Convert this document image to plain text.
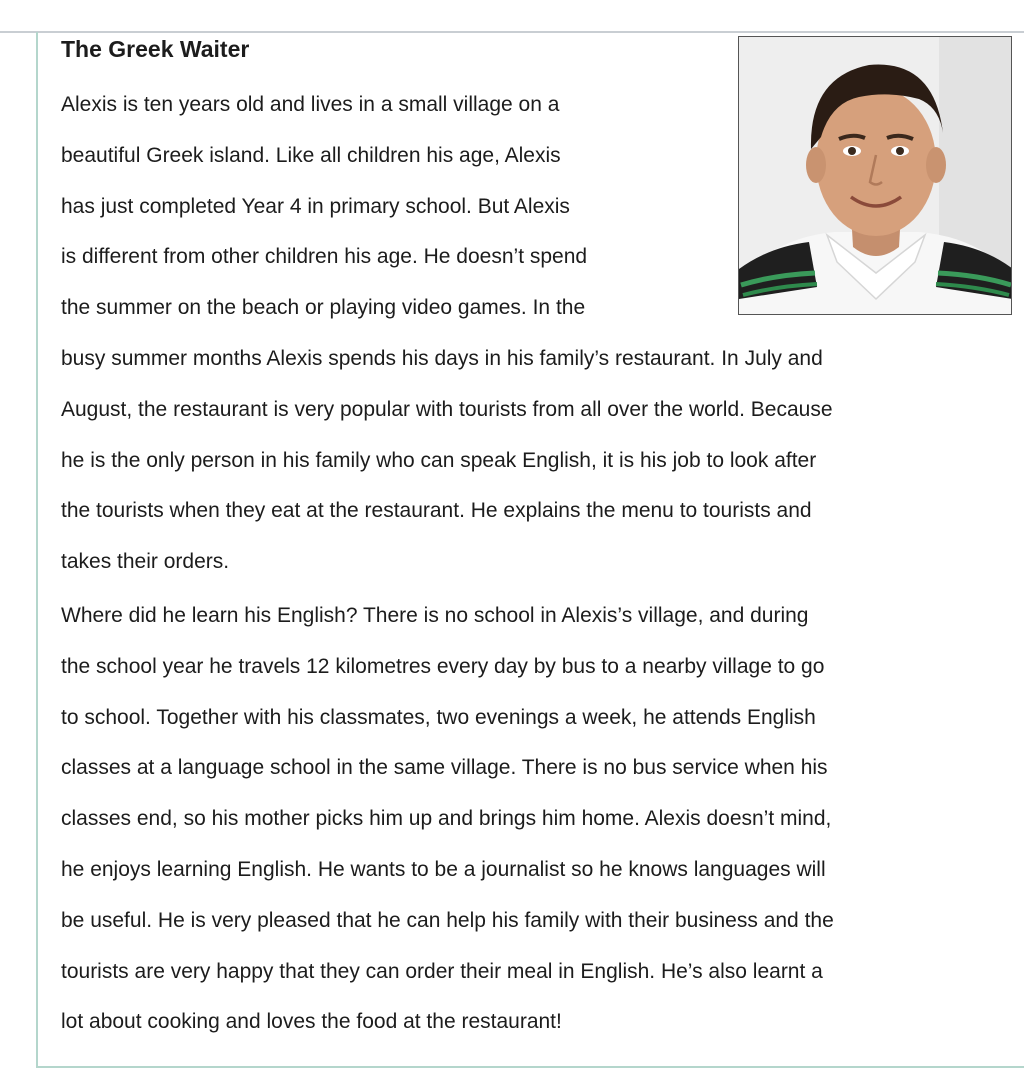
The Greek Waiter

Alexis is ten years old and lives in a small village on a
beautiful Greek island. Like all children his age, Alexis
has just completed Year 4 in primary school. But Alexis
is different from other children his age. He doesn’t spend
the summer on the beach or playing video games. In the
busy summer months Alexis spends his days in his family’s restaurant. In July and
August, the restaurant is very popular with tourists from all over the world. Because
he is the only person in his family who can speak English, it is his job to look after
the tourists when they eat at the restaurant. He explains the menu to tourists and
takes their orders.

Where did he learn his English? There is no school in Alexis’s village, and during
the school year he travels 12 kilometres every day by bus to a nearby village to go
to school. Together with his classmates, two evenings a week, he attends English
classes at a language school in the same village. There is no bus service when his
classes end, so his mother picks him up and brings him home. Alexis doesn’t mind,
he enjoys learning English. He wants to be a journalist so he knows languages will
be useful. He is very pleased that he can help his family with their business and the
tourists are very happy that they can order their meal in English. He’s also learnt a
lot about cooking and loves the food at the restaurant!
